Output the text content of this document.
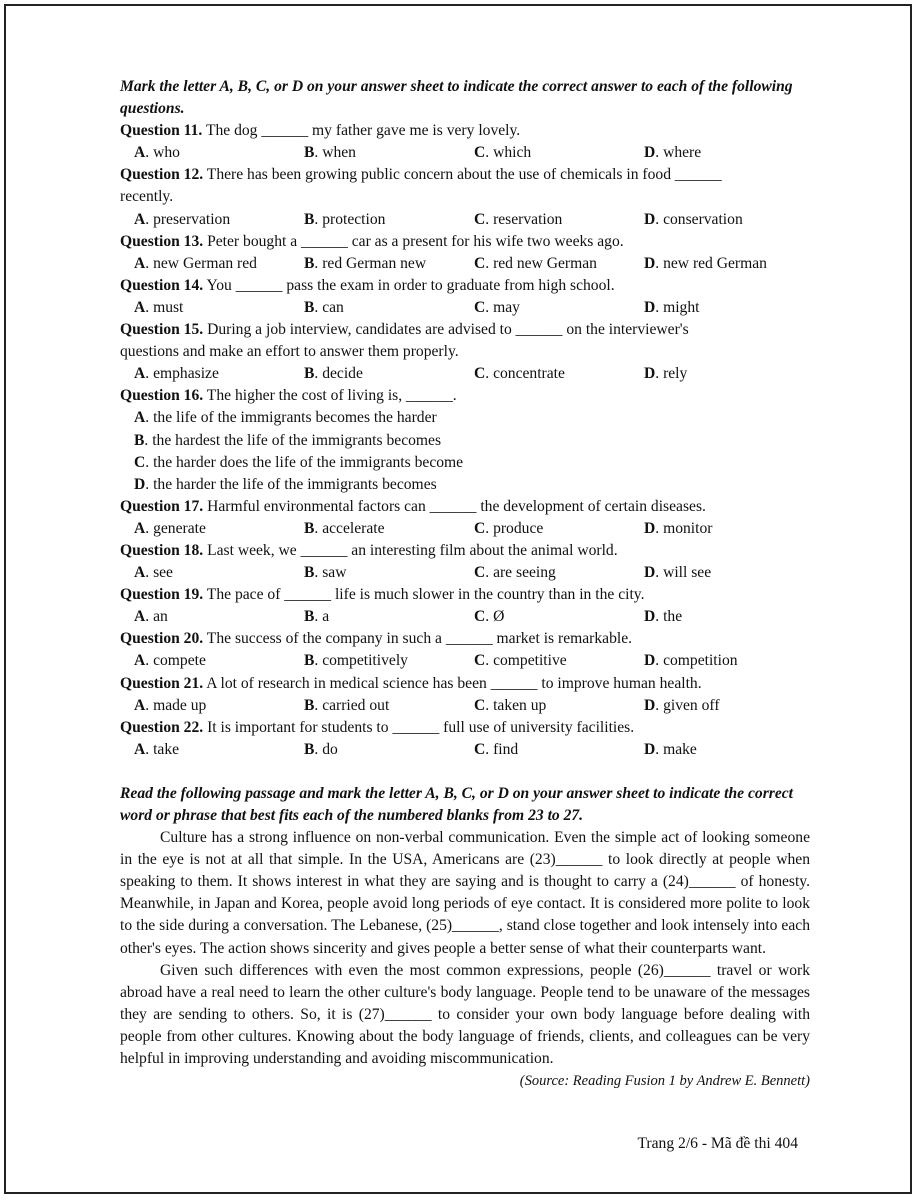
Mark the letter A, B, C, or D on your answer sheet to indicate the correct answer to each of the following questions.
Question 11. The dog ______ my father gave me is very lovely.
A. who	B. when	C. which	D. where
Question 12. There has been growing public concern about the use of chemicals in food ______
recently.
A. preservation	B. protection	C. reservation	D. conservation
Question 13. Peter bought a ______ car as a present for his wife two weeks ago.
A. new German red	B. red German new	C. red new German	D. new red German
Question 14. You ______ pass the exam in order to graduate from high school.
A. must	B. can	C. may	D. might
Question 15. During a job interview, candidates are advised to ______ on the interviewer's
questions and make an effort to answer them properly.
A. emphasize	B. decide	C. concentrate	D. rely
Question 16. The higher the cost of living is, ______.
A. the life of the immigrants becomes the harder
B. the hardest the life of the immigrants becomes
C. the harder does the life of the immigrants become
D. the harder the life of the immigrants becomes
Question 17. Harmful environmental factors can ______ the development of certain diseases.
A. generate	B. accelerate	C. produce	D. monitor
Question 18. Last week, we ______ an interesting film about the animal world.
A. see	B. saw	C. are seeing	D. will see
Question 19. The pace of ______ life is much slower in the country than in the city.
A. an	B. a	C. Ø	D. the
Question 20. The success of the company in such a ______ market is remarkable.
A. compete	B. competitively	C. competitive	D. competition
Question 21. A lot of research in medical science has been ______ to improve human health.
A. made up	B. carried out	C. taken up	D. given off
Question 22. It is important for students to ______ full use of university facilities.
A. take	B. do	C. find	D. make
Read the following passage and mark the letter A, B, C, or D on your answer sheet to indicate the correct word or phrase that best fits each of the numbered blanks from 23 to 27.
Culture has a strong influence on non-verbal communication. Even the simple act of looking someone in the eye is not at all that simple. In the USA, Americans are (23)______ to look directly at people when speaking to them. It shows interest in what they are saying and is thought to carry a (24)______ of honesty. Meanwhile, in Japan and Korea, people avoid long periods of eye contact. It is considered more polite to look to the side during a conversation. The Lebanese, (25)______, stand close together and look intensely into each other's eyes. The action shows sincerity and gives people a better sense of what their counterparts want.
Given such differences with even the most common expressions, people (26)______ travel or work abroad have a real need to learn the other culture's body language. People tend to be unaware of the messages they are sending to others. So, it is (27)______ to consider your own body language before dealing with people from other cultures. Knowing about the body language of friends, clients, and colleagues can be very helpful in improving understanding and avoiding miscommunication.
(Source: Reading Fusion 1 by Andrew E. Bennett)
Trang 2/6 - Mã đề thi 404
